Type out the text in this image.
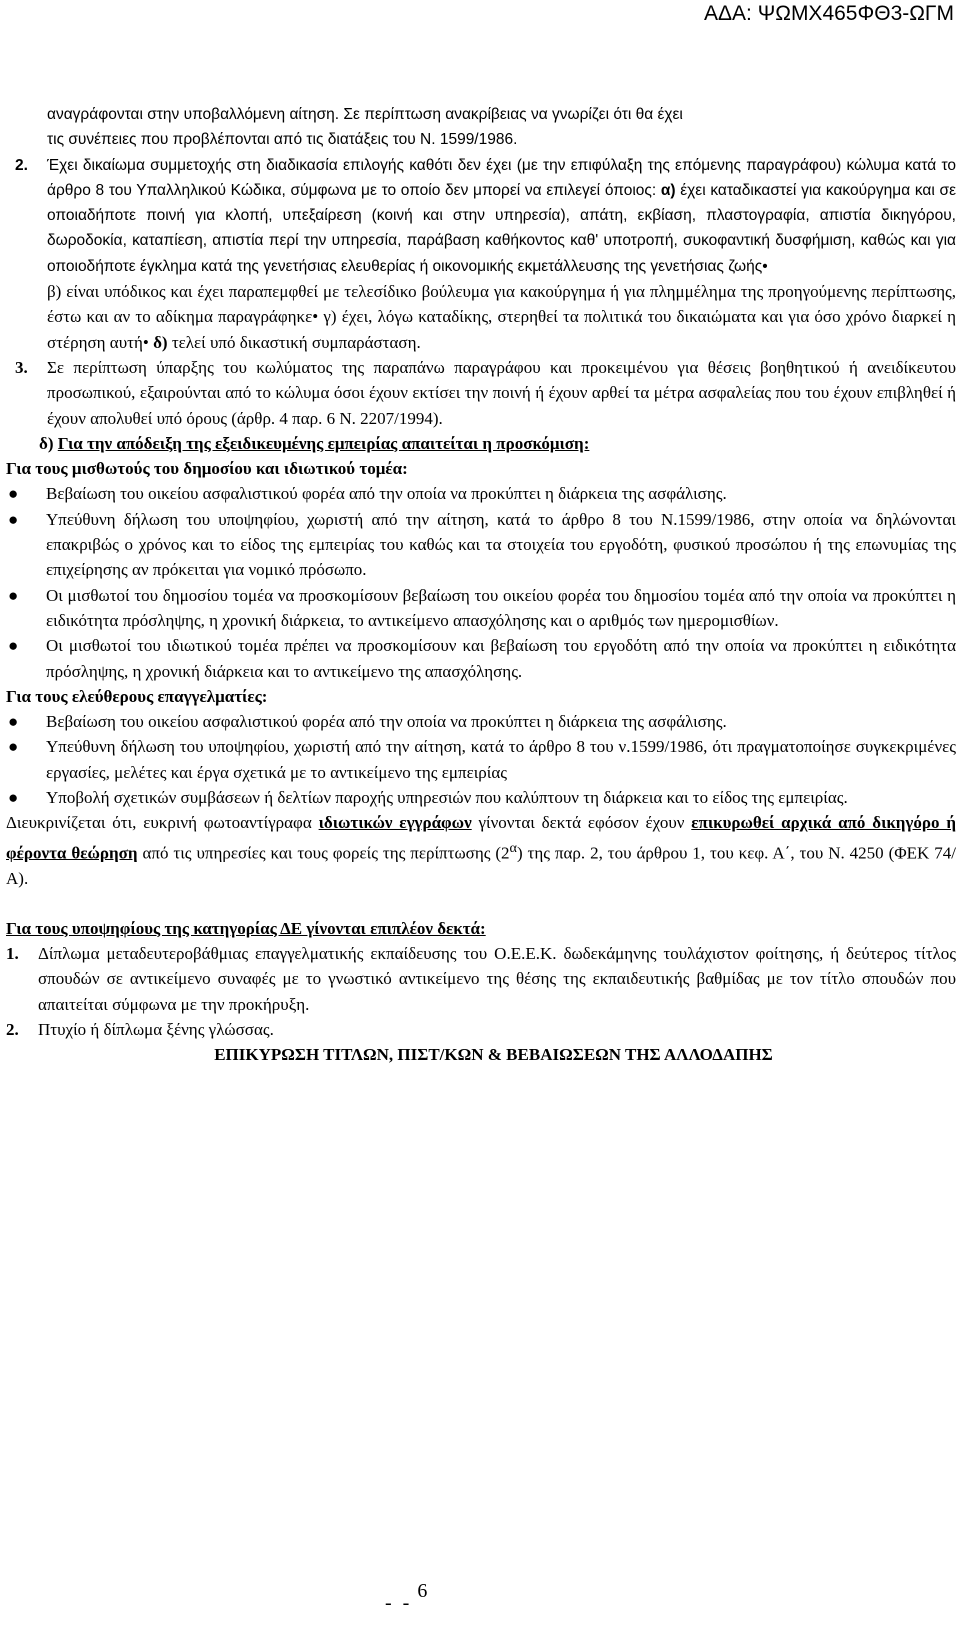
ΑΔΑ: ΨΩΜΧ465ΦΘ3-ΩΓΜ

αναγράφονται στην υποβαλλόμενη αίτηση. Σε περίπτωση ανακρίβειας να γνωρίζει ότι θα έχει

τις συνέπειες που προβλέπονται από τις διατάξεις του Ν. 1599/1986.

2. Έχει δικαίωμα συμμετοχής στη διαδικασία επιλογής καθότι δεν έχει (με την επιφύλαξη της επόμενης παραγράφου) κώλυμα κατά το άρθρο 8 του Υπαλληλικού Κώδικα, σύμφωνα με το οποίο δεν μπορεί να επιλεγεί όποιος: α) έχει καταδικαστεί για κακούργημα και σε οποιαδήποτε ποινή για κλοπή, υπεξαίρεση (κοινή και στην υπηρεσία), απάτη, εκβίαση, πλαστογραφία, απιστία δικηγόρου, δωροδοκία, καταπίεση, απιστία περί την υπηρεσία, παράβαση καθήκοντος καθ' υποτροπή, συκοφαντική δυσφήμιση, καθώς και για οποιοδήποτε έγκλημα κατά της γενετήσιας ελευθερίας ή οικονομικής εκμετάλλευσης της γενετήσιας ζωής•
β) είναι υπόδικος και έχει παραπεμφθεί με τελεσίδικο βούλευμα για κακούργημα ή για πλημμέλημα της προηγούμενης περίπτωσης, έστω και αν το αδίκημα παραγράφηκε• γ) έχει, λόγω καταδίκης, στερηθεί τα πολιτικά του δικαιώματα και για όσο χρόνο διαρκεί η στέρηση αυτή• δ) τελεί υπό δικαστική συμπαράσταση.
3. Σε περίπτωση ύπαρξης του κωλύματος της παραπάνω παραγράφου και προκειμένου για θέσεις βοηθητικού ή ανειδίκευτου προσωπικού, εξαιρούνται από το κώλυμα όσοι έχουν εκτίσει την ποινή ή έχουν αρθεί τα μέτρα ασφαλείας που του έχουν επιβληθεί ή έχουν απολυθεί υπό όρους (άρθρ. 4 παρ. 6 Ν. 2207/1994).

δ) Για την απόδειξη της εξειδικευμένης εμπειρίας απαιτείται η προσκόμιση:

Για τους μισθωτούς του δημοσίου και ιδιωτικού τομέα:

● Βεβαίωση του οικείου ασφαλιστικού φορέα από την οποία να προκύπτει η διάρκεια της ασφάλισης.
● Υπεύθυνη δήλωση του υποψηφίου, χωριστή από την αίτηση, κατά το άρθρο 8 του Ν.1599/1986, στην οποία να δηλώνονται επακριβώς ο χρόνος και το είδος της εμπειρίας του καθώς και τα στοιχεία του εργοδότη, φυσικού προσώπου ή της επωνυμίας της επιχείρησης αν πρόκειται για νομικό πρόσωπο.
● Οι μισθωτοί του δημοσίου τομέα να προσκομίσουν βεβαίωση του οικείου φορέα του δημοσίου τομέα από την οποία να προκύπτει η ειδικότητα πρόσληψης, η χρονική διάρκεια, το αντικείμενο απασχόλησης και ο αριθμός των ημερομισθίων.
● Οι μισθωτοί του ιδιωτικού τομέα πρέπει να προσκομίσουν και βεβαίωση του εργοδότη από την οποία να προκύπτει η ειδικότητα πρόσληψης, η χρονική διάρκεια και το αντικείμενο της απασχόλησης.

Για τους ελεύθερους επαγγελματίες:

● Βεβαίωση του οικείου ασφαλιστικού φορέα από την οποία να προκύπτει η διάρκεια της ασφάλισης.
● Υπεύθυνη δήλωση του υποψηφίου, χωριστή από την αίτηση, κατά το άρθρο 8 του ν.1599/1986, ότι πραγματοποίησε συγκεκριμένες εργασίες, μελέτες και έργα σχετικά με το αντικείμενο της εμπειρίας
● Υποβολή σχετικών συμβάσεων ή δελτίων παροχής υπηρεσιών που καλύπτουν τη διάρκεια και το είδος της εμπειρίας.

Διευκρινίζεται ότι, ευκρινή φωτοαντίγραφα ιδιωτικών εγγράφων γίνονται δεκτά εφόσον έχουν επικυρωθεί αρχικά από δικηγόρο ή φέροντα θεώρηση από τις υπηρεσίες και τους φορείς της περίπτωσης $(2^\alpha)$ της παρ. 2, του άρθρου 1, του κεφ. Α΄, του Ν. 4250 (ΦΕΚ 74/Α).

Για τους υποψηφίους της κατηγορίας ΔΕ γίνονται επιπλέον δεκτά:

1. Δίπλωμα μεταδευτεροβάθμιας επαγγελματικής εκπαίδευσης του Ο.Ε.Ε.Κ. δωδεκάμηνης τουλάχιστον φοίτησης, ή δεύτερος τίτλος σπουδών σε αντικείμενο συναφές με το γνωστικό αντικείμενο της θέσης της εκπαιδευτικής βαθμίδας με τον τίτλο σπουδών που απαιτείται σύμφωνα με την προκήρυξη.
2. Πτυχίο ή δίπλωμα ξένης γλώσσας.

ΕΠΙΚΥΡΩΣΗ ΤΙΤΛΩΝ, ΠΙΣΤ/ΚΩΝ & ΒΕΒΑΙΩΣΕΩΝ ΤΗΣ ΑΛΛΟΔΑΠΗΣ

- - 6
